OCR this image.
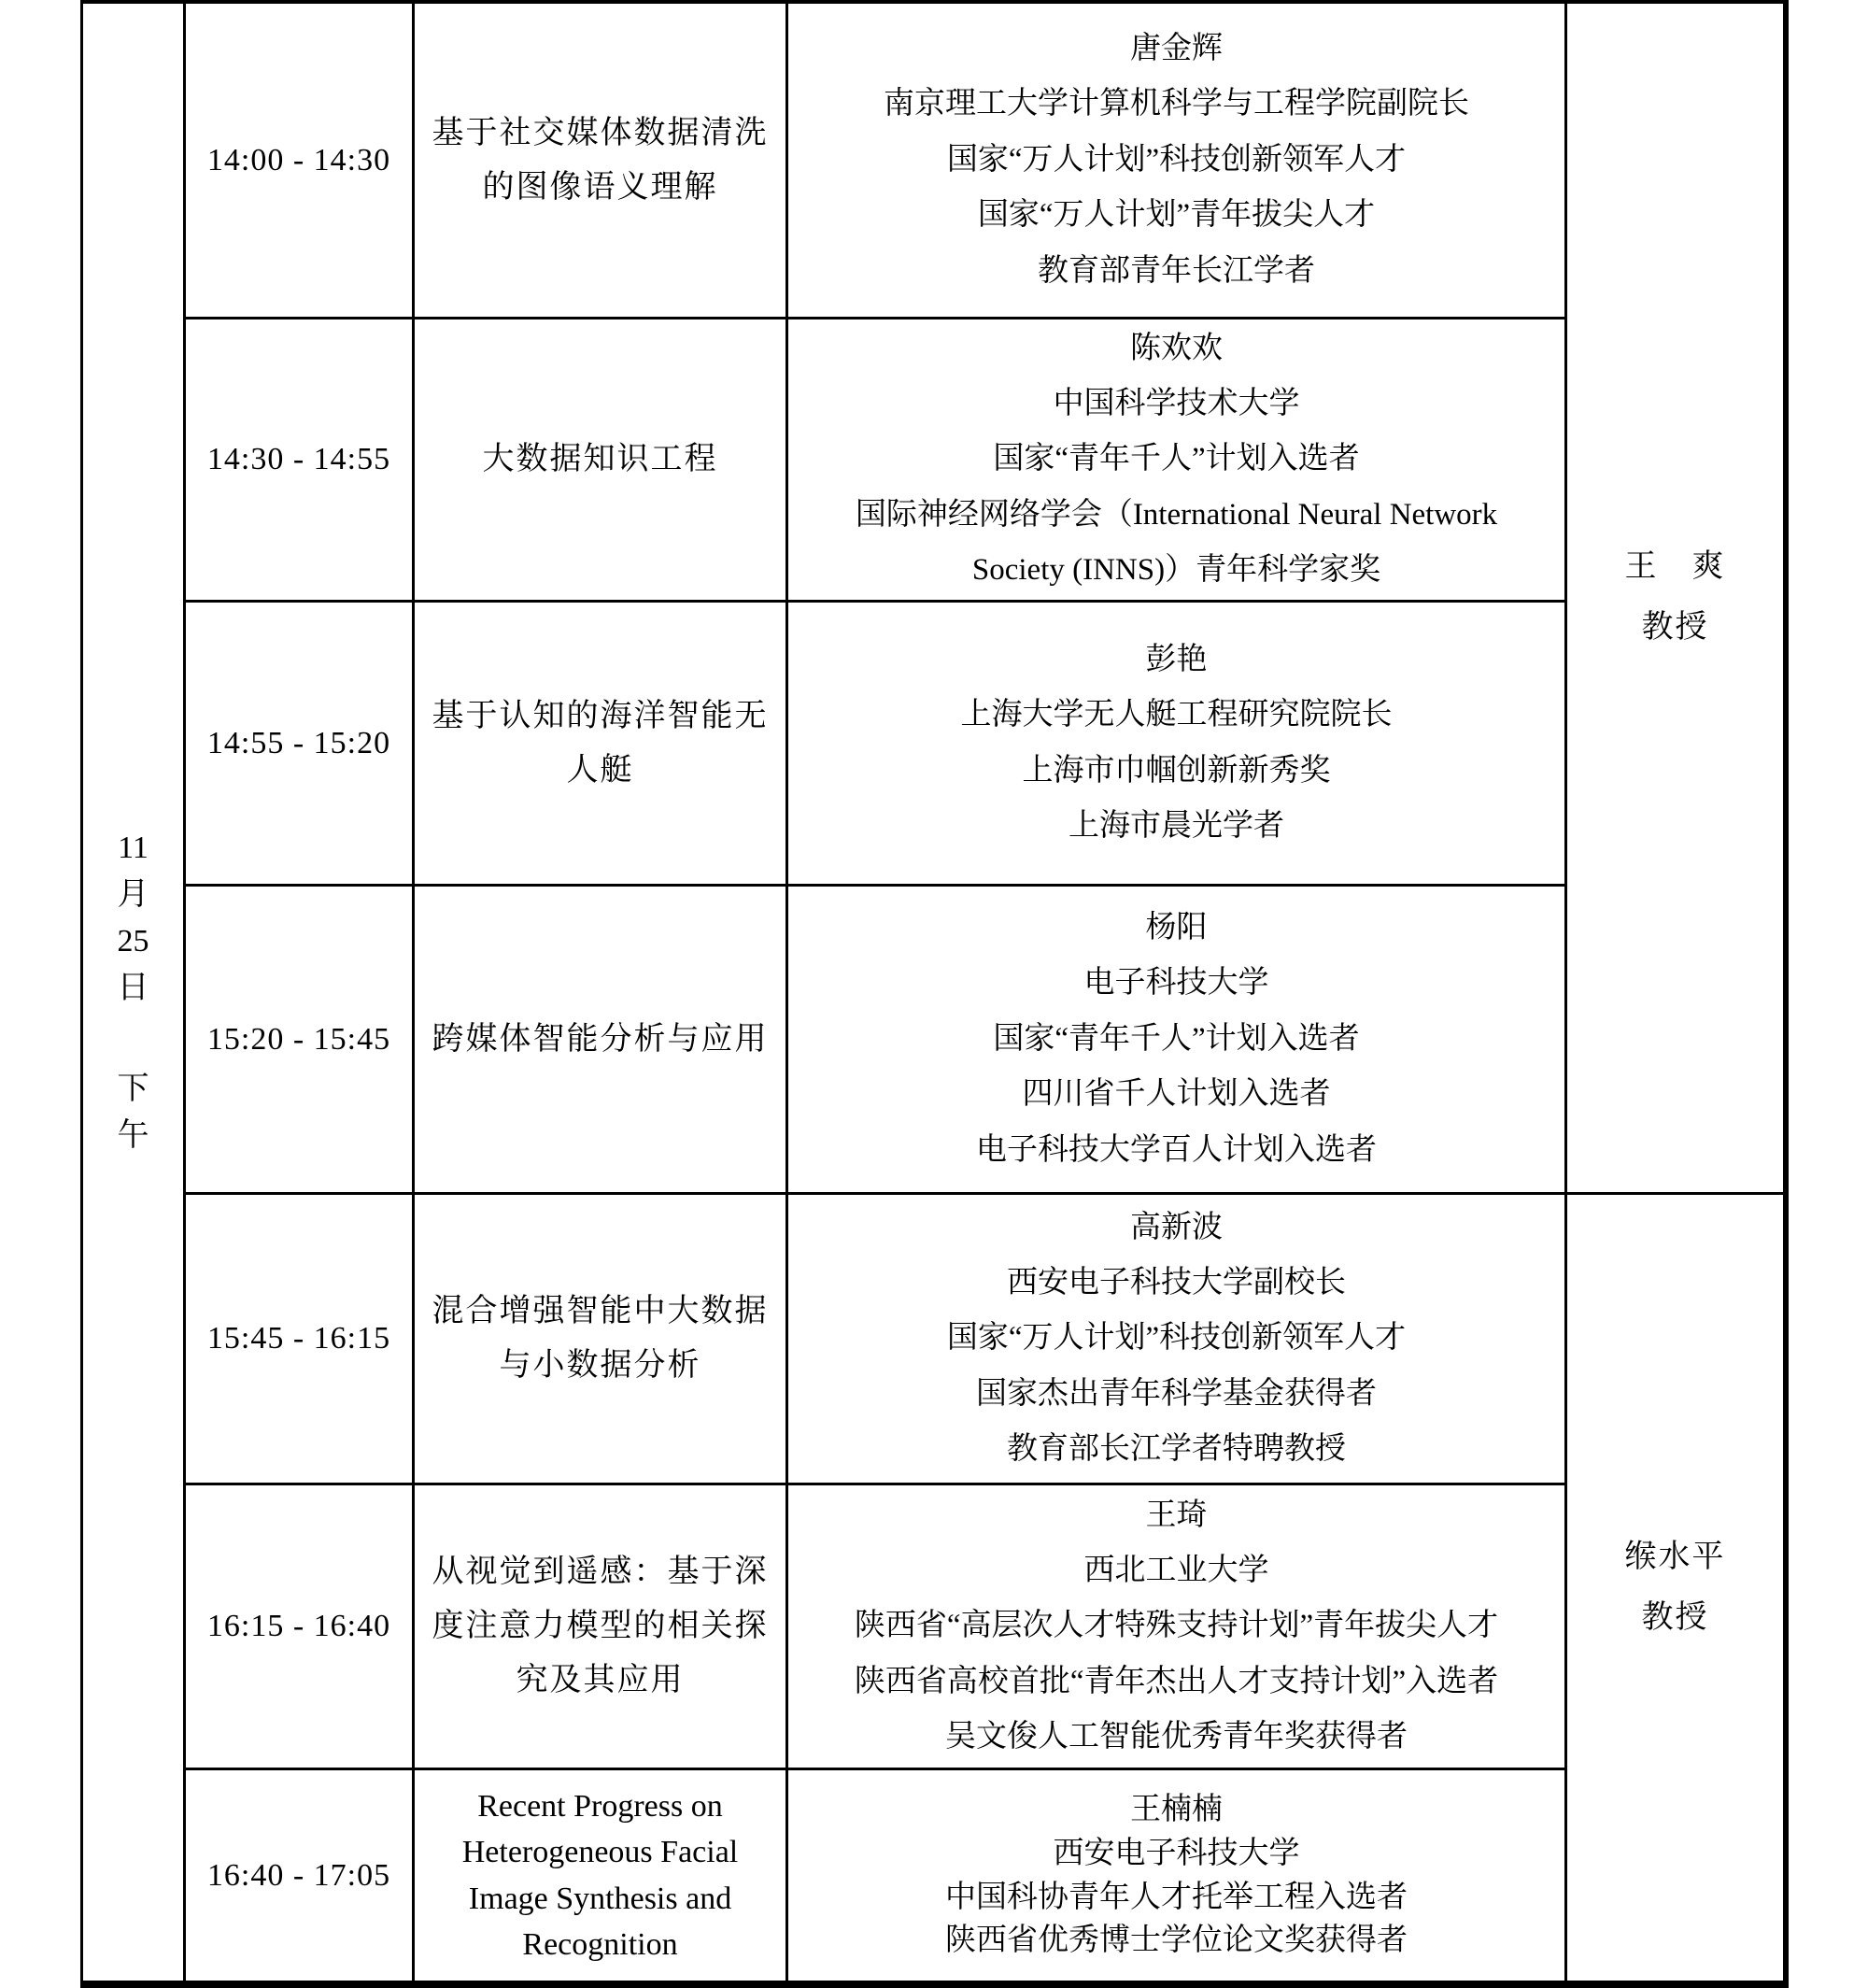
11
月
25
日
下
午
14:00 - 14:30
基于社交媒体数据清洗
的图像语义理解
唐金辉
南京理工大学计算机科学与工程学院副院长
国家“万人计划”科技创新领军人才
国家“万人计划”青年拔尖人才
教育部青年长江学者
14:30 - 14:55	大数据知识工程
陈欢欢
中国科学技术大学
国家“青年千人”计划入选者
国际神经网络学会（International Neural Network
Society (INNS)）青年科学家奖
14:55 - 15:20
基于认知的海洋智能无
人艇
彭艳
上海大学无人艇工程研究院院长
上海市巾帼创新新秀奖
上海市晨光学者
15:20 - 15:45 跨媒体智能分析与应用
杨阳
电子科技大学
国家“青年千人”计划入选者
四川省千人计划入选者
电子科技大学百人计划入选者
15:45 - 16:15
混合增强智能中大数据
与小数据分析
高新波
西安电子科技大学副校长
国家“万人计划”科技创新领军人才
国家杰出青年科学基金获得者
教育部长江学者特聘教授
16:15 - 16:40
从视觉到遥感：基于深
度注意力模型的相关探
究及其应用
王琦
西北工业大学
陕西省“高层次人才特殊支持计划”青年拔尖人才
陕西省高校首批“青年杰出人才支持计划”入选者
吴文俊人工智能优秀青年奖获得者
16:40 - 17:05
Recent Progress on
Heterogeneous Facial
Image Synthesis and
Recognition
王楠楠
西安电子科技大学
中国科协青年人才托举工程入选者
陕西省优秀博士学位论文奖获得者
王　爽
教授
缑水平
教授
